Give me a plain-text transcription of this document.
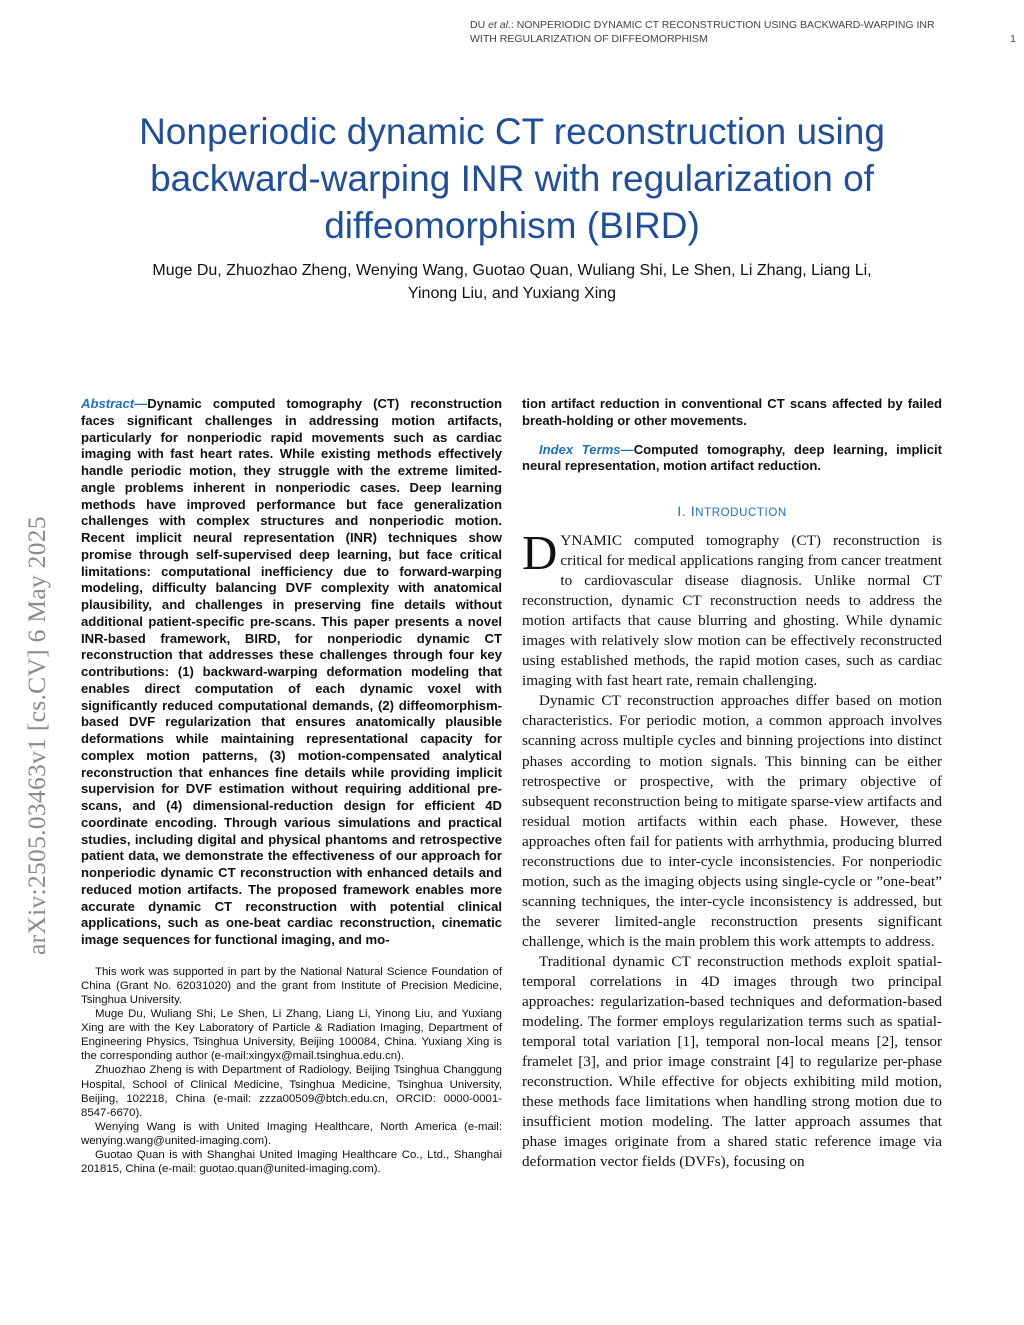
DU et al.: NONPERIODIC DYNAMIC CT RECONSTRUCTION USING BACKWARD-WARPING INR
WITH REGULARIZATION OF DIFFEOMORPHISM	1
Nonperiodic dynamic CT reconstruction using
backward-warping INR with regularization of
diffeomorphism (BIRD)
Muge Du, Zhuozhao Zheng, Wenying Wang, Guotao Quan, Wuliang Shi, Le Shen, Li Zhang, Liang Li,
Yinong Liu, and Yuxiang Xing
arXiv:2505.03463v1 [cs.CV] 6 May 2025
Abstract—Dynamic computed tomography (CT) reconstruction faces significant challenges in addressing motion artifacts, particularly for nonperiodic rapid movements such as cardiac imaging with fast heart rates. While existing methods effectively handle periodic motion, they struggle with the extreme limited-angle problems inherent in nonperiodic cases. Deep learning methods have improved performance but face generalization challenges with complex structures and nonperiodic motion. Recent implicit neural representation (INR) techniques show promise through self-supervised deep learning, but face critical limitations: computational inefficiency due to forward-warping modeling, difficulty balancing DVF complexity with anatomical plausibility, and challenges in preserving fine details without additional patient-specific pre-scans. This paper presents a novel INR-based framework, BIRD, for nonperiodic dynamic CT reconstruction that addresses these challenges through four key contributions: (1) backward-warping deformation modeling that enables direct computation of each dynamic voxel with significantly reduced computational demands, (2) diffeomorphism-based DVF regularization that ensures anatomically plausible deformations while maintaining representational capacity for complex motion patterns, (3) motion-compensated analytical reconstruction that enhances fine details while providing implicit supervision for DVF estimation without requiring additional pre-scans, and (4) dimensional-reduction design for efficient 4D coordinate encoding. Through various simulations and practical studies, including digital and physical phantoms and retrospective patient data, we demonstrate the effectiveness of our approach for nonperiodic dynamic CT reconstruction with enhanced details and reduced motion artifacts. The proposed framework enables more accurate dynamic CT reconstruction with potential clinical applications, such as one-beat cardiac reconstruction, cinematic image sequences for functional imaging, and mo-

This work was supported in part by the National Natural Science Foundation of China (Grant No. 62031020) and the grant from Institute of Precision Medicine, Tsinghua University.

Muge Du, Wuliang Shi, Le Shen, Li Zhang, Liang Li, Yinong Liu, and Yuxiang Xing are with the Key Laboratory of Particle & Radiation Imaging, Department of Engineering Physics, Tsinghua University, Beijing 100084, China. Yuxiang Xing is the corresponding author (e-mail:xingyx@mail.tsinghua.edu.cn).

Zhuozhao Zheng is with Department of Radiology, Beijing Tsinghua Changgung Hospital, School of Clinical Medicine, Tsinghua Medicine, Tsinghua University, Beijing, 102218, China (e-mail: zzza00509@btch.edu.cn, ORCID: 0000-0001-8547-6670).

Wenying Wang is with United Imaging Healthcare, North America (e-mail: wenying.wang@united-imaging.com).

Guotao Quan is with Shanghai United Imaging Healthcare Co., Ltd., Shanghai 201815, China (e-mail: guotao.quan@united-imaging.com).

tion artifact reduction in conventional CT scans affected by failed breath-holding or other movements.
Index Terms—Computed tomography, deep learning, implicit neural representation, motion artifact reduction.
I. INTRODUCTION

DYNAMIC computed tomography (CT) reconstruction is critical for medical applications ranging from cancer treatment to cardiovascular disease diagnosis. Unlike normal CT reconstruction, dynamic CT reconstruction needs to address the motion artifacts that cause blurring and ghosting. While dynamic images with relatively slow motion can be effectively reconstructed using established methods, the rapid motion cases, such as cardiac imaging with fast heart rate, remain challenging.

Dynamic CT reconstruction approaches differ based on motion characteristics. For periodic motion, a common approach involves scanning across multiple cycles and binning projections into distinct phases according to motion signals. This binning can be either retrospective or prospective, with the primary objective of subsequent reconstruction being to mitigate sparse-view artifacts and residual motion artifacts within each phase. However, these approaches often fail for patients with arrhythmia, producing blurred reconstructions due to inter-cycle inconsistencies. For nonperiodic motion, such as the imaging objects using single-cycle or ”one-beat” scanning techniques, the inter-cycle inconsistency is addressed, but the severer limited-angle reconstruction presents significant challenge, which is the main problem this work attempts to address.

Traditional dynamic CT reconstruction methods exploit spatial-temporal correlations in 4D images through two principal approaches: regularization-based techniques and deformation-based modeling. The former employs regularization terms such as spatial-temporal total variation [1], temporal non-local means [2], tensor framelet [3], and prior image constraint [4] to regularize per-phase reconstruction. While effective for objects exhibiting mild motion, these methods face limitations when handling strong motion due to insufficient motion modeling. The latter approach assumes that phase images originate from a shared static reference image via deformation vector fields (DVFs), focusing on
